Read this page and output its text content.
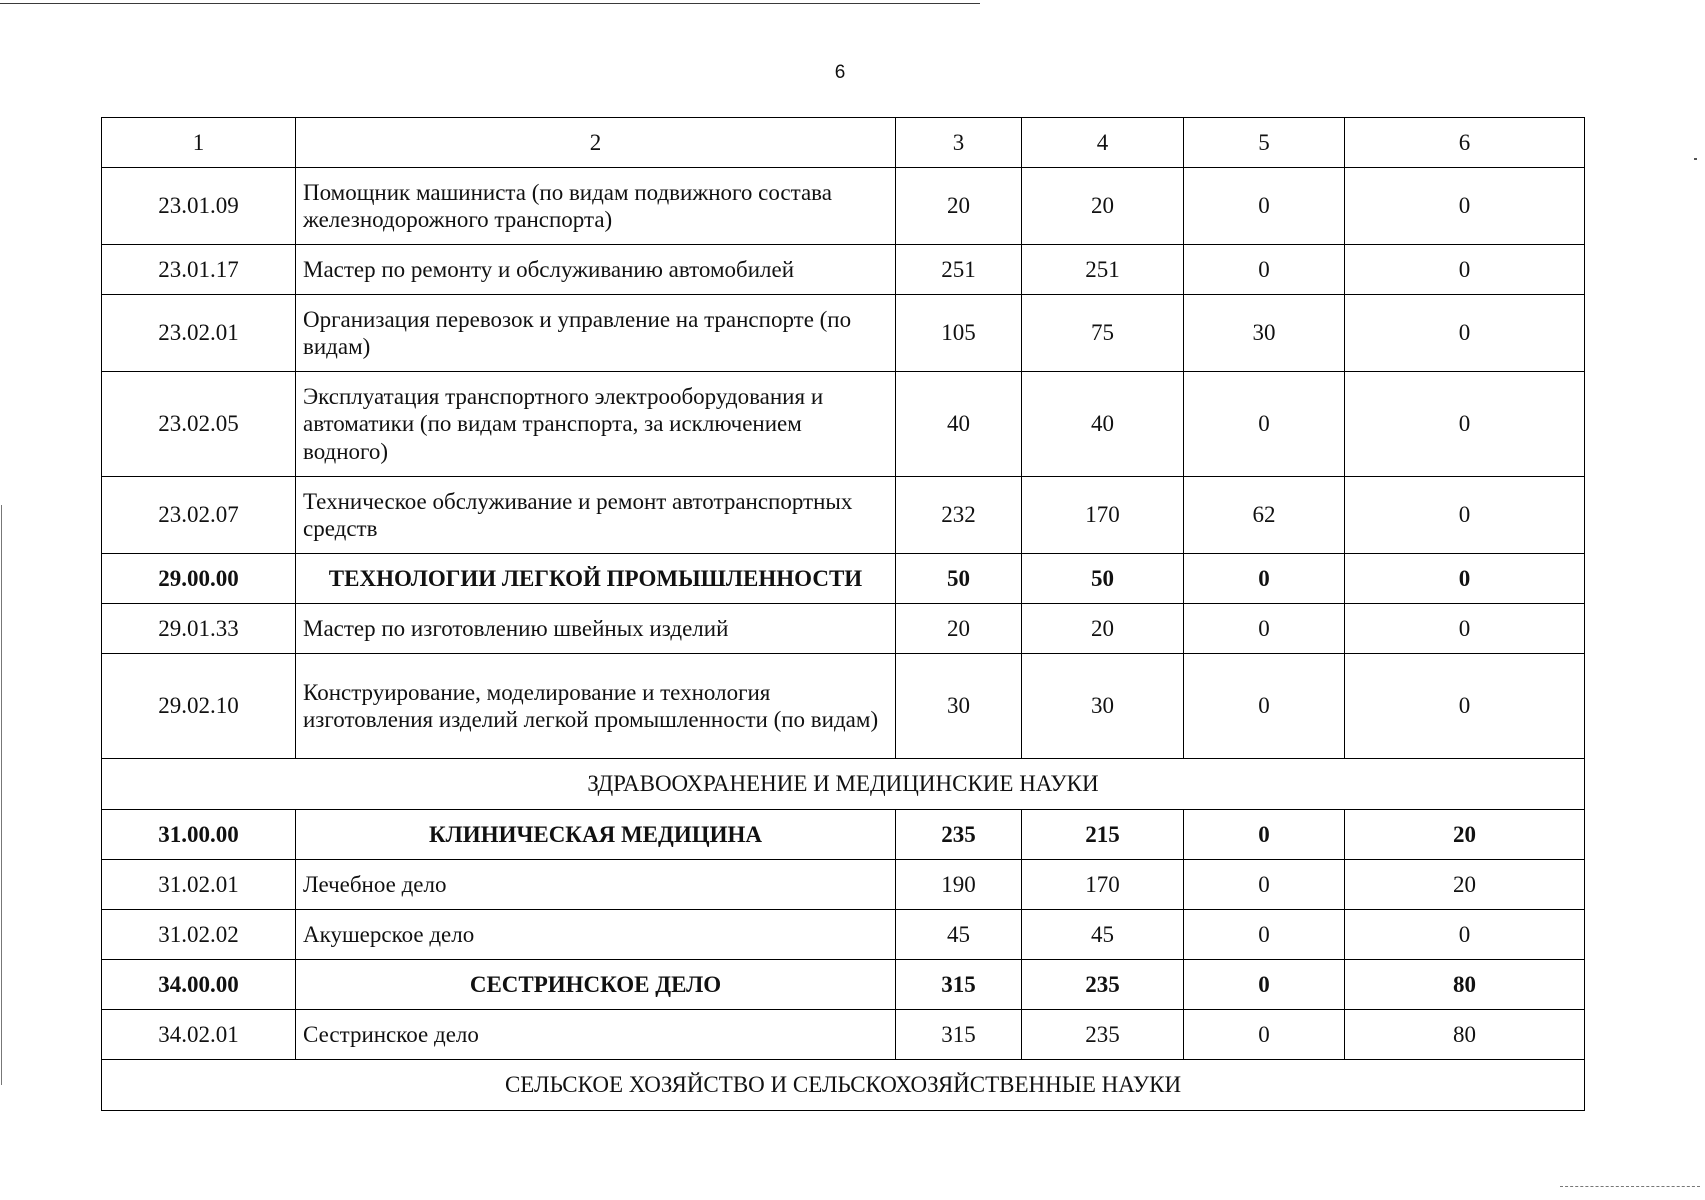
6
1	2	3	4	5	6
23.01.09	Помощник машиниста (по видам подвижного состава железнодорожного транспорта)	20	20	0	0
23.01.17	Мастер по ремонту и обслуживанию автомобилей	251	251	0	0
23.02.01	Организация перевозок и управление на транспорте (по видам)	105	75	30	0
23.02.05	Эксплуатация транспортного электрооборудования и автоматики (по видам транспорта, за исключением водного)	40	40	0	0
23.02.07	Техническое обслуживание и ремонт автотранспортных средств	232	170	62	0
29.00.00	ТЕХНОЛОГИИ ЛЕГКОЙ ПРОМЫШЛЕННОСТИ	50	50	0	0
29.01.33	Мастер по изготовлению швейных изделий	20	20	0	0
29.02.10	Конструирование, моделирование и технология изготовления изделий легкой промышленности (по видам)	30	30	0	0
ЗДРАВООХРАНЕНИЕ И МЕДИЦИНСКИЕ НАУКИ					
31.00.00	КЛИНИЧЕСКАЯ МЕДИЦИНА	235	215	0	20
31.02.01	Лечебное дело	190	170	0	20
31.02.02	Акушерское дело	45	45	0	0
34.00.00	СЕСТРИНСКОЕ ДЕЛО	315	235	0	80
34.02.01	Сестринское дело	315	235	0	80
СЕЛЬСКОЕ ХОЗЯЙСТВО И СЕЛЬСКОХОЗЯЙСТВЕННЫЕ НАУКИ					
